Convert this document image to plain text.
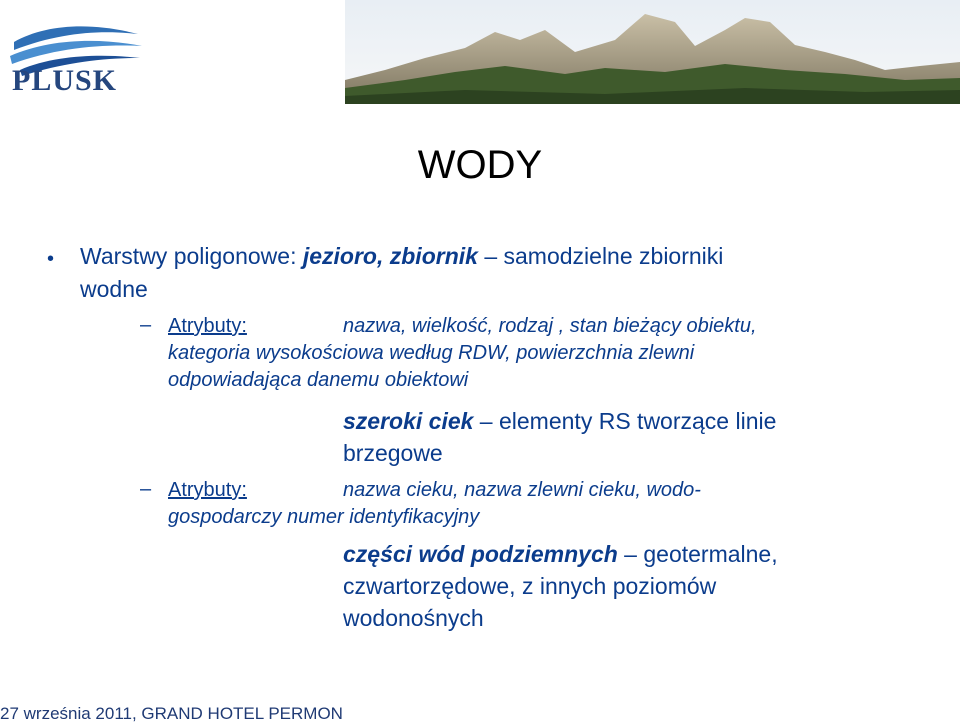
PLUSK
WODY
• Warstwy poligonowe: jezioro, zbiornik – samodzielne zbiorniki
wodne
– Atrybuty:	nazwa, wielkość, rodzaj , stan bieżący obiektu,
kategoria wysokościowa według RDW, powierzchnia zlewni
odpowiadająca danemu obiektowi
szeroki ciek – elementy RS tworzące linie
brzegowe
– Atrybuty:	nazwa cieku, nazwa zlewni cieku, wodo-
gospodarczy numer identyfikacyjny
części wód podziemnych – geotermalne,
czwartorzędowe, z innych poziomów
wodonośnych
27 września 2011, GRAND HOTEL PERMON
